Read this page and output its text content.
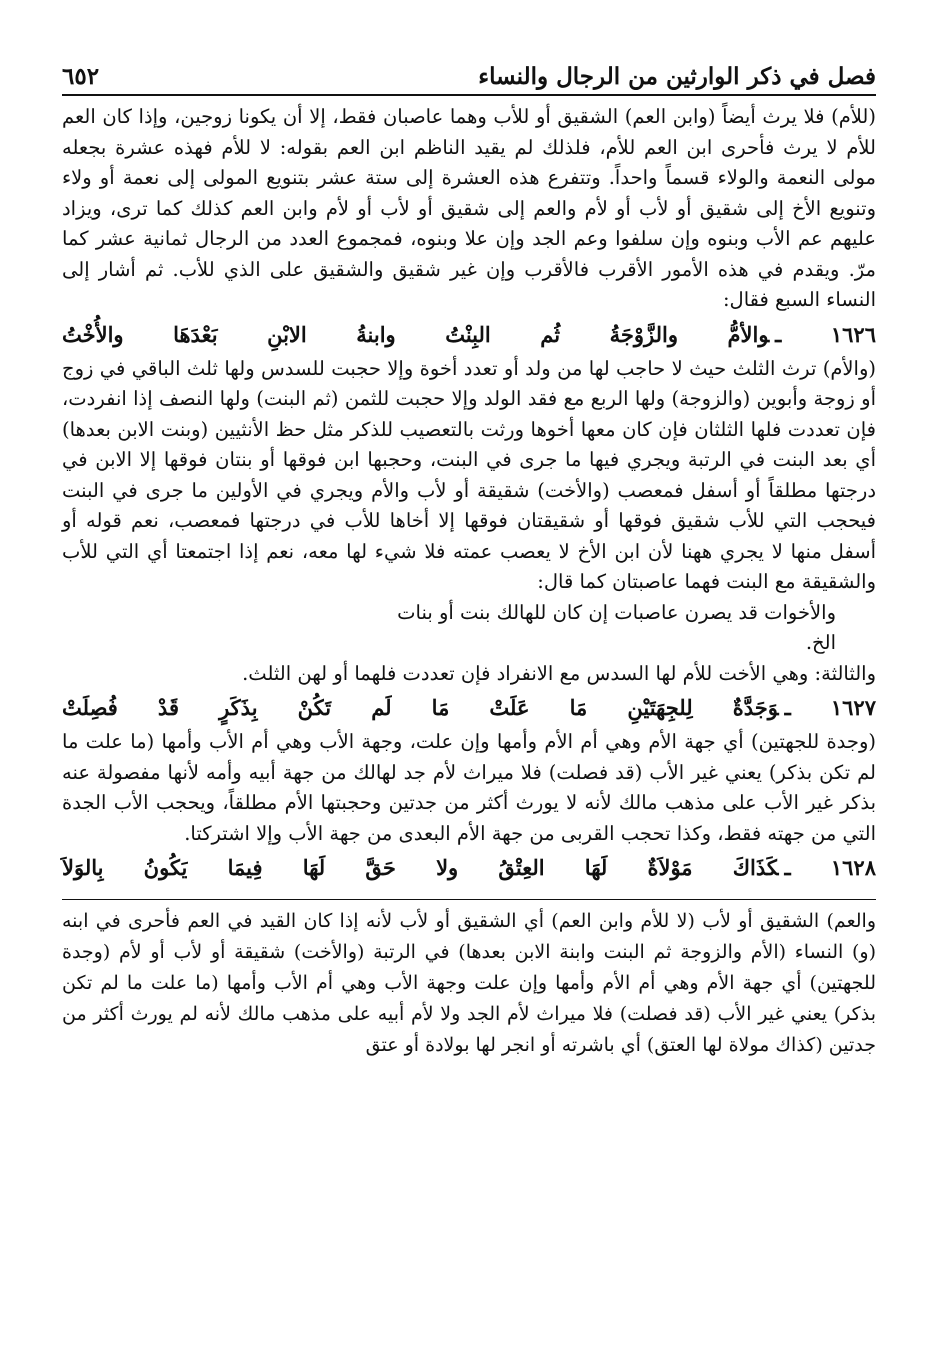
فصل في ذكر الوارثين من الرجال والنساء
٦٥٢

(للأم) فلا يرث أيضاً (وابن العم) الشقيق أو للأب وهما عاصبان فقط، إلا أن يكونا زوجين، وإذا كان العم للأم لا يرث فأحرى ابن العم للأم، فلذلك لم يقيد الناظم ابن العم بقوله: لا للأم فهذه عشرة بجعله مولى النعمة والولاء قسماً واحداً. وتتفرع هذه العشرة إلى ستة عشر بتنويع المولى إلى نعمة أو ولاء وتنويع الأخ إلى شقيق أو لأب أو لأم والعم إلى شقيق أو لأب أو لأم وابن العم كذلك كما ترى، ويزاد عليهم عم الأب وبنوه وإن سلفوا وعم الجد وإن علا وبنوه، فمجموع العدد من الرجال ثمانية عشر كما مرّ. ويقدم في هذه الأمور الأقرب فالأقرب وإن غير شقيق والشقيق على الذي للأب. ثم أشار إلى النساء السبع فقال:

١٦٢٦ ـوالأمُّ والزَّوْجَةُ ثُم البِنْتُ وابنةُ الابْنِ بَعْدَهَا والأُخْتُ

(والأم) ترث الثلث حيث لا حاجب لها من ولد أو تعدد أخوة وإلا حجبت للسدس ولها ثلث الباقي في زوج أو زوجة وأبوين (والزوجة) ولها الربع مع فقد الولد وإلا حجبت للثمن (ثم البنت) ولها النصف إذا انفردت، فإن تعددت فلها الثلثان فإن كان معها أخوها ورثت بالتعصيب للذكر مثل حظ الأنثيين (وبنت الابن بعدها) أي بعد البنت في الرتبة ويجري فيها ما جرى في البنت، وحجبها ابن فوقها أو بنتان فوقها إلا الابن في درجتها مطلقاً أو أسفل فمعصب (والأخت) شقيقة أو لأب والأم ويجري في الأولين ما جرى في البنت فيحجب التي للأب شقيق فوقها أو شقيقتان فوقها إلا أخاها للأب في درجتها فمعصب، نعم قوله أو أسفل منها لا يجري ههنا لأن ابن الأخ لا يعصب عمته فلا شيء لها معه، نعم إذا اجتمعتا أي التي للأب والشقيقة مع البنت فهما عاصبتان كما قال:

والأخوات قد يصرن عاصبات إن كان للهالك بنت أو بنات

الخ.

والثالثة: وهي الأخت للأم لها السدس مع الانفراد فإن تعددت فلهما أو لهن الثلث.

١٦٢٧ ـوَجَدَّةٌ لِلجِهَتَيْنِ مَا عَلَتْ مَا لَم تَكُنْ بِذَكَرٍ قَدْ فُصِلَتْ

(وجدة للجهتين) أي جهة الأم وهي أم الأم وأمها وإن علت، وجهة الأب وهي أم الأب وأمها (ما علت ما لم تكن بذكر) يعني غير الأب (قد فصلت) فلا ميراث لأم جد لهالك من جهة أبيه وأمه لأنها مفصولة عنه بذكر غير الأب على مذهب مالك لأنه لا يورث أكثر من جدتين وحجبتها الأم مطلقاً، ويحجب الأب الجدة التي من جهته فقط، وكذا تحجب القربى من جهة الأم البعدى من جهة الأب وإلا اشتركتا.

١٦٢٨ ـكَذَاكَ مَوْلاَةٌ لَهَا العِتْقُ ولا حَقَّ لَهَا فِيمَا يَكُونُ بِالوَلاَ

والعم) الشقيق أو لأب (لا للأم وابن العم) أي الشقيق أو لأب لأنه إذا كان القيد في العم فأحرى في ابنه (و) النساء (الأم والزوجة ثم البنت وابنة الابن بعدها) في الرتبة (والأخت) شقيقة أو لأب أو لأم (وجدة للجهتين) أي جهة الأم وهي أم الأم وأمها وإن علت وجهة الأب وهي أم الأب وأمها (ما علت ما لم تكن بذكر) يعني غير الأب (قد فصلت) فلا ميراث لأم الجد ولا لأم أبيه على مذهب مالك لأنه لم يورث أكثر من جدتين (كذاك مولاة لها العتق) أي باشرته أو انجر لها بولادة أو عتق
